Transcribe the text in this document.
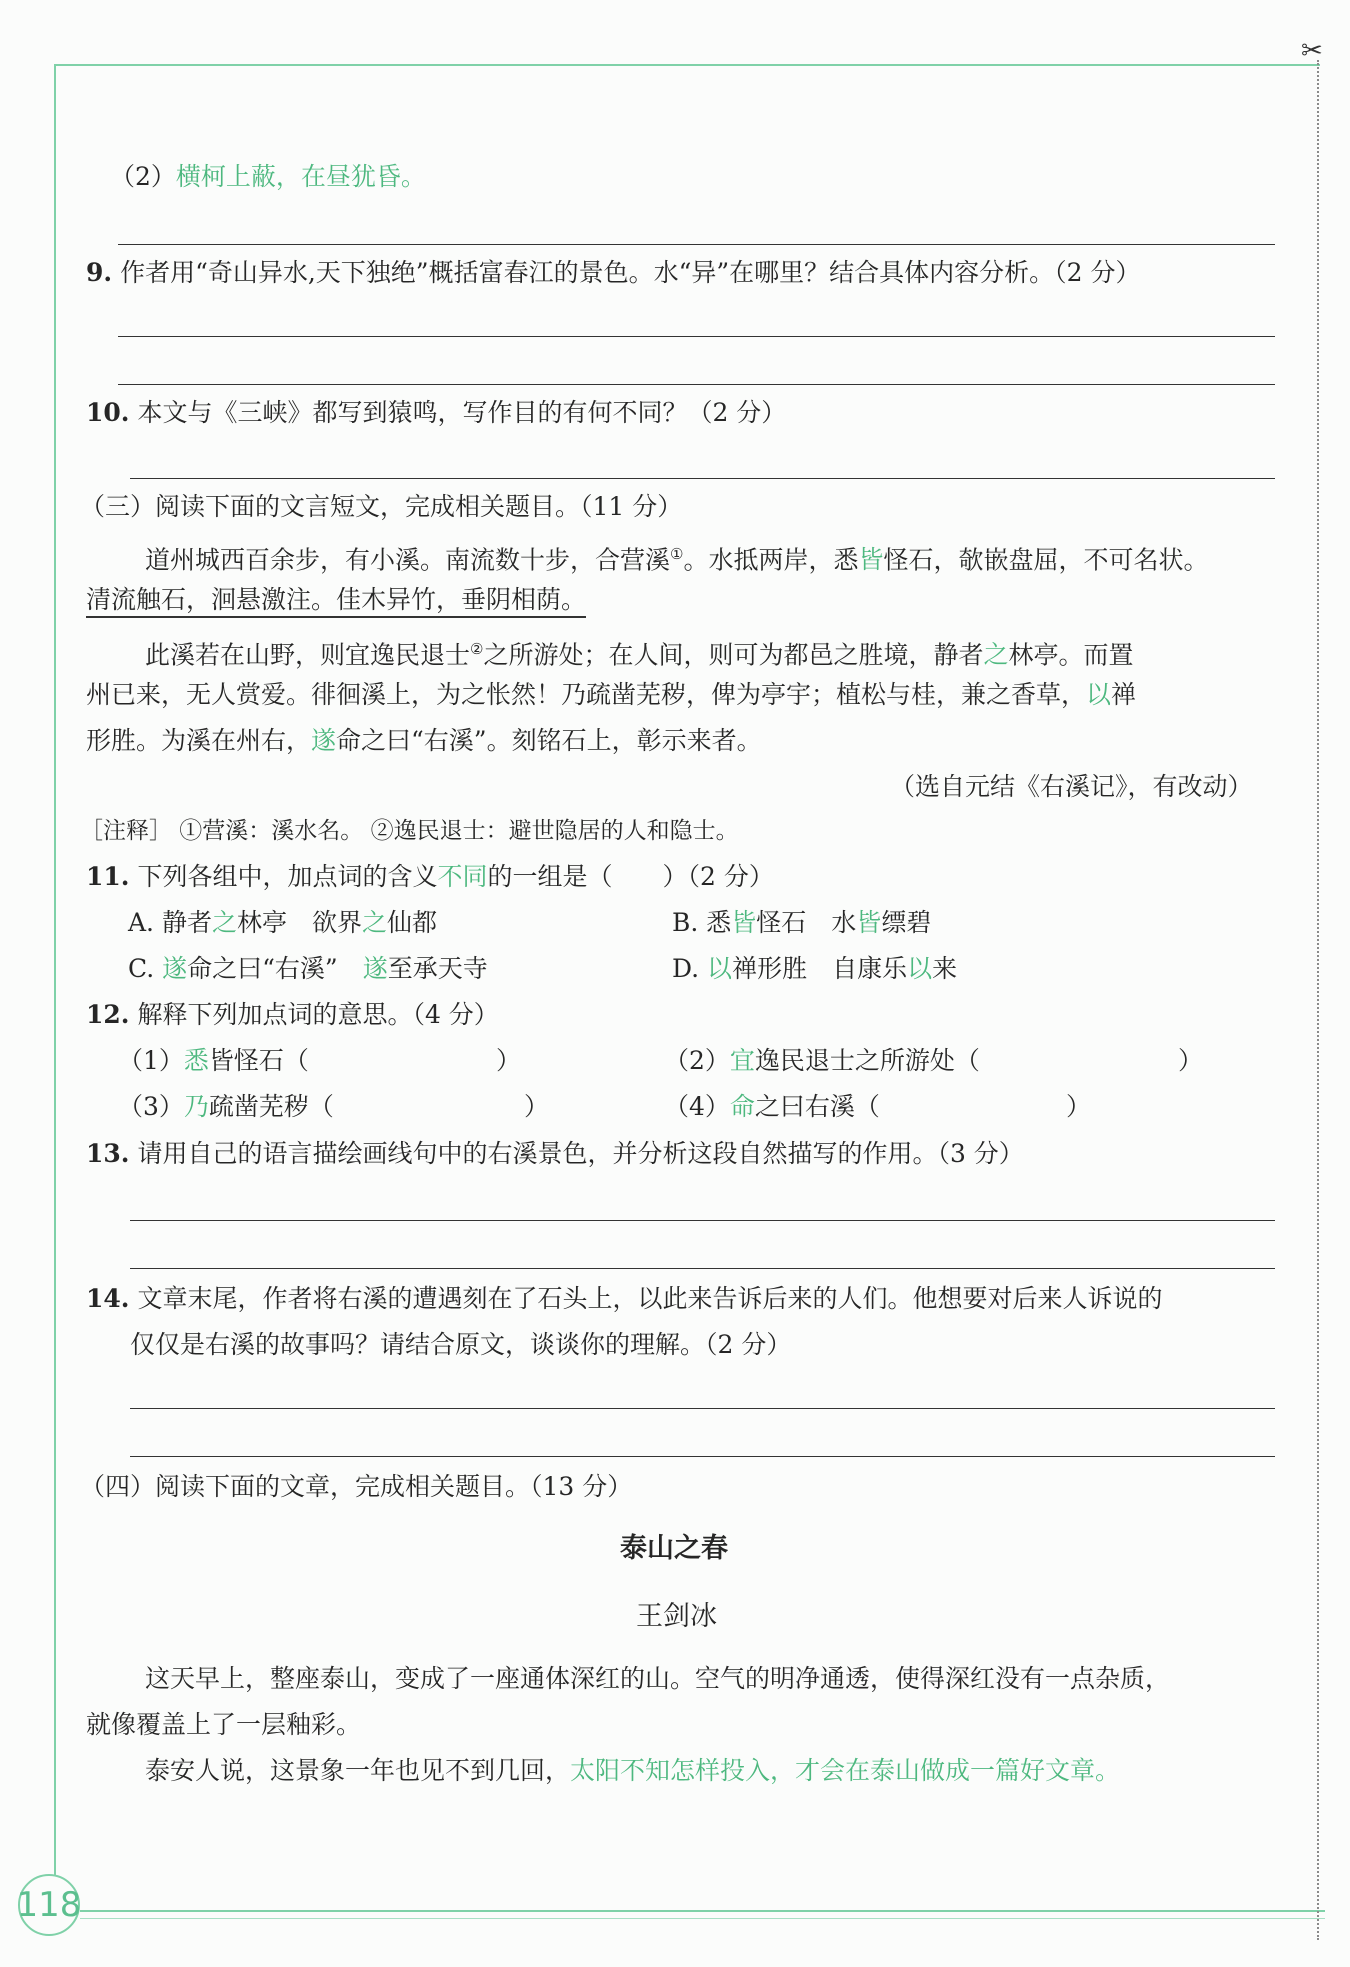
✂
（2）横柯上蔽，在昼犹昏。
9. 作者用“奇山异水,天下独绝”概括富春江的景色。水“异”在哪里？结合具体内容分析。（2 分）
10. 本文与《三峡》都写到猿鸣，写作目的有何不同？（2 分）
（三）阅读下面的文言短文，完成相关题目。（11 分）
道州城西百余步，有小溪。南流数十步，合营溪①。水抵两岸，悉皆怪石，欹嵌盘屈，不可名状。
清流触石，洄悬激注。佳木异竹，垂阴相荫。
此溪若在山野，则宜逸民退士②之所游处；在人间，则可为都邑之胜境，静者之林亭。而置
州已来，无人赏爱。徘徊溪上，为之怅然！乃疏凿芜秽，俾为亭宇；植松与桂，兼之香草，以禅
形胜。为溪在州右，遂命之曰“右溪”。刻铭石上，彰示来者。
（选自元结《右溪记》，有改动）
［注释］ ①营溪：溪水名。 ②逸民退士：避世隐居的人和隐士。
11. 下列各组中，加点词的含义不同的一组是（　　）（2 分）
A. 静者之林亭　欲界之仙都	B. 悉皆怪石　水皆缥碧
C. 遂命之曰“右溪”　遂至承天寺	D. 以禅形胜　自康乐以来
12. 解释下列加点词的意思。（4 分）
（1）悉皆怪石（	）	（2）宜逸民退士之所游处（	）
（3）乃疏凿芜秽（	）	（4）命之曰右溪（	）
13. 请用自己的语言描绘画线句中的右溪景色，并分析这段自然描写的作用。（3 分）
14. 文章末尾，作者将右溪的遭遇刻在了石头上，以此来告诉后来的人们。他想要对后来人诉说的
仅仅是右溪的故事吗？请结合原文，谈谈你的理解。（2 分）
（四）阅读下面的文章，完成相关题目。（13 分）
泰山之春
王剑冰
这天早上，整座泰山，变成了一座通体深红的山。空气的明净通透，使得深红没有一点杂质，
就像覆盖上了一层釉彩。
泰安人说，这景象一年也见不到几回，太阳不知怎样投入，才会在泰山做成一篇好文章。
118
